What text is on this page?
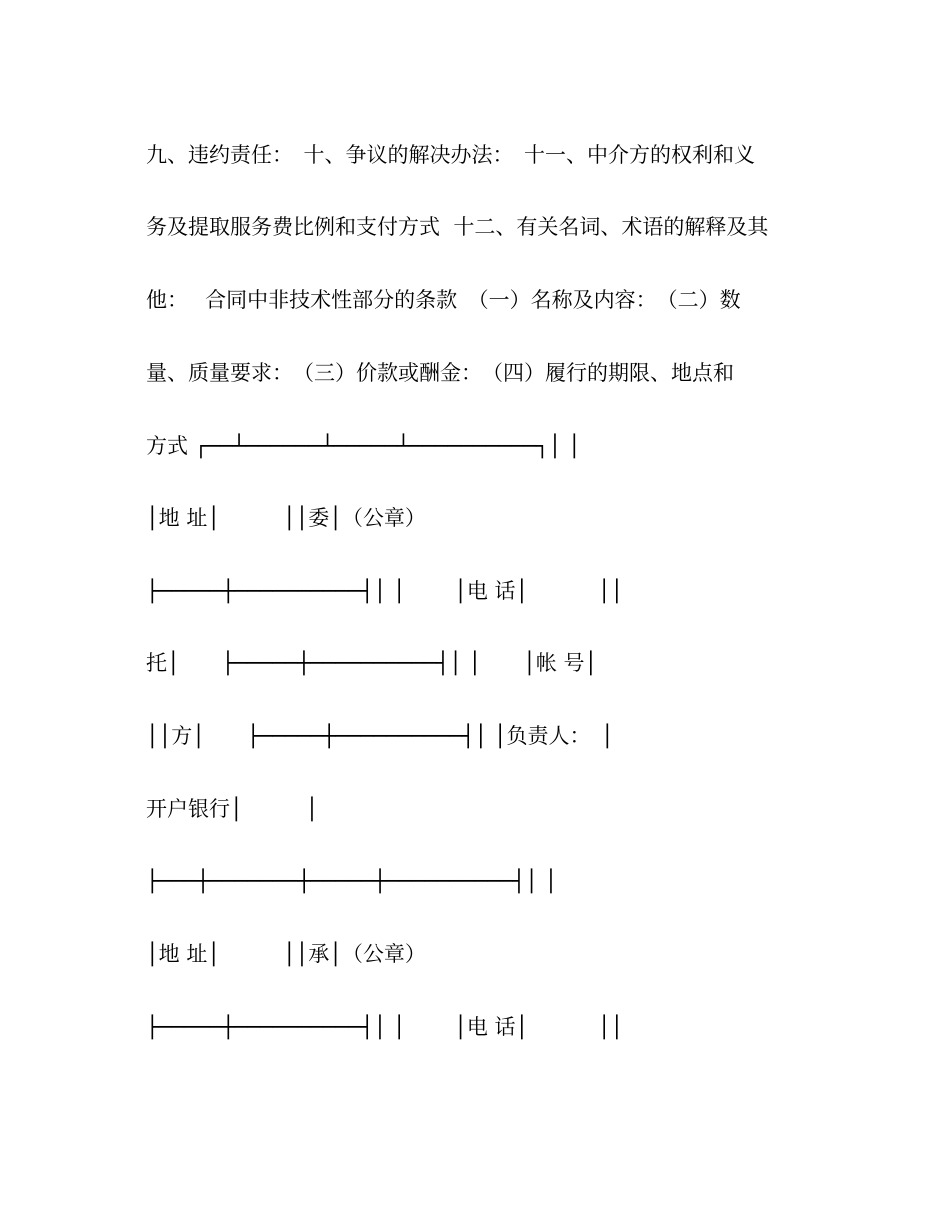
九、违约责任：　十、争议的解决办法：　十一、中介方的权利和义
务及提取服务费比例和支付方式  十二、有关名词、术语的解释及其
他：　 合同中非技术性部分的条款　（一）名称及内容：　（二）数
量、质量要求：　（三）价款或酬金：　（四）履行的期限、地点和
方式 ┌──┴──────┴─────┴──────────┐│ │
│地 址│　　　││委│（公章）
├─────┼──────────┤│ │　　 │电 话│　　　 ││
托│　　├─────┼──────────┤│ │　　│帐 号│
││方│　　├─────┼──────────┤│ │负责人：　│
开户银行│　　　│
├───┼───────┼─────┼──────────┤│ │
│地 址│　　　││承│（公章）
├─────┼──────────┤│ │　　 │电 话│　　　 ││
